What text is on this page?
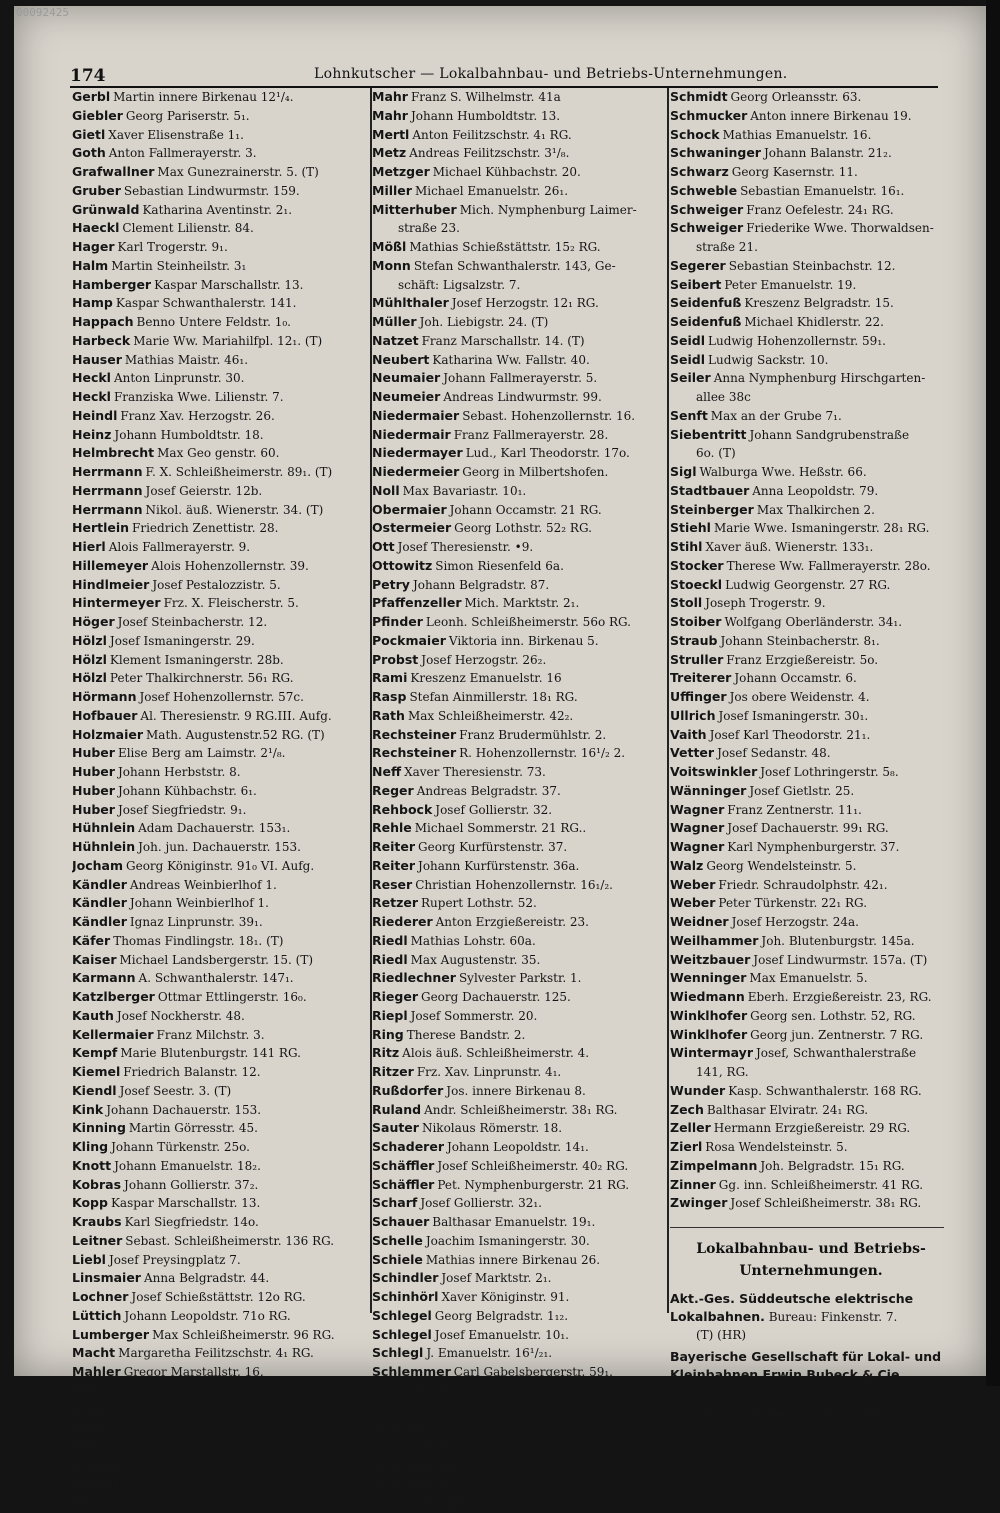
00092425
174	Lohnkutscher — Lokalbahnbau- und Betriebs-Unternehmungen.
Gerbl Martin innere Birkenau 12¹/₄.
Giebler Georg Pariserstr. 5₁.
Gietl Xaver Elisenstraße 1₁.
Goth Anton Fallmerayerstr. 3.
Grafwallner Max Gunezrainerstr. 5. (T)
Gruber Sebastian Lindwurmstr. 159.
Grünwald Katharina Aventinstr. 2₁.
Haeckl Clement Lilienstr. 84.
Hager Karl Trogerstr. 9₁.
Halm Martin Steinheilstr. 3₁
Hamberger Kaspar Marschallstr. 13.
Hamp Kaspar Schwanthalerstr. 141.
Happach Benno Untere Feldstr. 1₀.
Harbeck Marie Ww. Mariahilfpl. 12₁. (T)
Hauser Mathias Maistr. 46₁.
Heckl Anton Linprunstr. 30.
Heckl Franziska Wwe. Lilienstr. 7.
Heindl Franz Xav. Herzogstr. 26.
Heinz Johann Humboldtstr. 18.
Helmbrecht Max Geo genstr. 60.
Herrmann F. X. Schleißheimerstr. 89₁. (T)
Herrmann Josef Geierstr. 12b.
Herrmann Nikol. äuß. Wienerstr. 34. (T)
Hertlein Friedrich Zenettistr. 28.
Hierl Alois Fallmerayerstr. 9.
Hillemeyer Alois Hohenzollernstr. 39.
Hindlmeier Josef Pestalozzistr. 5.
Hintermeyer Frz. X. Fleischerstr. 5.
Höger Josef Steinbacherstr. 12.
Hölzl Josef Ismaningerstr. 29.
Hölzl Klement Ismaningerstr. 28b.
Hölzl Peter Thalkirchnerstr. 56₁ RG.
Hörmann Josef Hohenzollernstr. 57c.
Hofbauer Al. Theresienstr. 9 RG.III. Aufg.
Holzmaier Math. Augustenstr.52 RG. (T)
Huber Elise Berg am Laimstr. 2¹/₈.
Huber Johann Herbststr. 8.
Huber Johann Kühbachstr. 6₁.
Huber Josef Siegfriedstr. 9₁.
Hühnlein Adam Dachauerstr. 153₁.
Hühnlein Joh. jun. Dachauerstr. 153.
Jocham Georg Königinstr. 91₀ VI. Aufg.
Kändler Andreas Weinbierlhof 1.
Kändler Johann Weinbierlhof 1.
Kändler Ignaz Linprunstr. 39₁.
Käfer Thomas Findlingstr. 18₁. (T)
Kaiser Michael Landsbergerstr. 15. (T)
Karmann A. Schwanthalerstr. 147₁.
Katzlberger Ottmar Ettlingerstr. 16₀.
Kauth Josef Nockherstr. 48.
Kellermaier Franz Milchstr. 3.
Kempf Marie Blutenburgstr. 141 RG.
Kiemel Friedrich Balanstr. 12.
Kiendl Josef Seestr. 3. (T)
Kink Johann Dachauerstr. 153.
Kinning Martin Görresstr. 45.
Kling Johann Türkenstr. 25o.
Knott Johann Emanuelstr. 18₂.
Kobras Johann Gollierstr. 37₂.
Kopp Kaspar Marschallstr. 13.
Kraubs Karl Siegfriedstr. 14o.
Leitner Sebast. Schleißheimerstr. 136 RG.
Liebl Josef Preysingplatz 7.
Linsmaier Anna Belgradstr. 44.
Lochner Josef Schießstättstr. 12o RG.
Lüttich Johann Leopoldstr. 71o RG.
Lumberger Max Schleißheimerstr. 96 RG.
Macht Margaretha Feilitzschstr. 4₁ RG.
Mahler Gregor Marstallstr. 16.
Maier Georg Frauenstr. 3.
Maier Georg Schwindstr. 29.
Maier Josef Westendstr. 63o.
Maier Therese Wwe. Blutenburgstr. 105.
Maindl Karl a. d. Grube 11.
Martin Christof Schwabingerlandstr. 50₂
Mayer Christ. Balanstr. 2. (T)
Mahr Franz S. Wilhelmstr. 41a
Mahr Johann Humboldtstr. 13.
Mertl Anton Feilitzschstr. 4₁ RG.
Metz Andreas Feilitzschstr. 3¹/₈.
Metzger Michael Kühbachstr. 20.
Miller Michael Emanuelstr. 26₁.
Mitterhuber Mich. Nymphenburg Laimer-
straße 23.
Mößl Mathias Schießstättstr. 15₂ RG.
Monn Stefan Schwanthalerstr. 143, Ge-
schäft: Ligsalzstr. 7.
Mühlthaler Josef Herzogstr. 12₁ RG.
Müller Joh. Liebigstr. 24. (T)
Natzet Franz Marschallstr. 14. (T)
Neubert Katharina Ww. Fallstr. 40.
Neumaier Johann Fallmerayerstr. 5.
Neumeier Andreas Lindwurmstr. 99.
Niedermaier Sebast. Hohenzollernstr. 16.
Niedermair Franz Fallmerayerstr. 28.
Niedermayer Lud., Karl Theodorstr. 17o.
Niedermeier Georg in Milbertshofen.
Noll Max Bavariastr. 10₁.
Obermaier Johann Occamstr. 21 RG.
Ostermeier Georg Lothstr. 52₂ RG.
Ott Josef Theresienstr. •9.
Ottowitz Simon Riesenfeld 6a.
Petry Johann Belgradstr. 87.
Pfaffenzeller Mich. Marktstr. 2₁.
Pfinder Leonh. Schleißheimerstr. 56o RG.
Pockmaier Viktoria inn. Birkenau 5.
Probst Josef Herzogstr. 26₂.
Rami Kreszenz Emanuelstr. 16
Rasp Stefan Ainmillerstr. 18₁ RG.
Rath Max Schleißheimerstr. 42₂.
Rechsteiner Franz Brudermühlstr. 2.
Rechsteiner R. Hohenzollernstr. 16¹/₂ 2.
Neff Xaver Theresienstr. 73.
Reger Andreas Belgradstr. 37.
Rehbock Josef Gollierstr. 32.
Rehle Michael Sommerstr. 21 RG..
Reiter Georg Kurfürstenstr. 37.
Reiter Johann Kurfürstenstr. 36a.
Reser Christian Hohenzollernstr. 16₁/₂.
Retzer Rupert Lothstr. 52.
Riederer Anton Erzgießereistr. 23.
Riedl Mathias Lohstr. 60a.
Riedl Max Augustenstr. 35.
Riedlechner Sylvester Parkstr. 1.
Rieger Georg Dachauerstr. 125.
Riepl Josef Sommerstr. 20.
Ring Therese Bandstr. 2.
Ritz Alois äuß. Schleißheimerstr. 4.
Ritzer Frz. Xav. Linprunstr. 4₁.
Rußdorfer Jos. innere Birkenau 8.
Ruland Andr. Schleißheimerstr. 38₁ RG.
Sauter Nikolaus Römerstr. 18.
Schaderer Johann Leopoldstr. 14₁.
Schäffler Josef Schleißheimerstr. 40₂ RG.
Schäffler Pet. Nymphenburgerstr. 21 RG.
Scharf Josef Gollierstr. 32₁.
Schauer Balthasar Emanuelstr. 19₁.
Schelle Joachim Ismaningerstr. 30.
Schiele Mathias innere Birkenau 26.
Schindler Josef Marktstr. 2₁.
Schinhörl Xaver Königinstr. 91.
Schlegel Georg Belgradstr. 1₁₂.
Schlegel Josef Emanuelstr. 10₁.
Schlegl J. Emanuelstr. 16¹/₂₁.
Schlemmer Carl Gabelsbergerstr. 59₁.
Schmalhofer Ursula Ww Hohenzollern-
straße 16¹/₂.
Schmid Ignaz Bavariastr. 3. (T)
Schmidbauer Johann Schießstättstr. 9.
Schmidbauer Josef Schießstättstr. 9.
Schmidbauer Karl Theresienstr. 93
Schmidberger Martin Clemensstr. 25.
Schmidt Georg Orleansstr. 63.
Schmucker Anton innere Birkenau 19.
Schock Mathias Emanuelstr. 16.
Schwaninger Johann Balanstr. 21₂.
Schwarz Georg Kasernstr. 11.
Schweble Sebastian Emanuelstr. 16₁.
Schweiger Franz Oefelestr. 24₁ RG.
Schweiger Friederike Wwe. Thorwaldsen-
straße 21.
Segerer Sebastian Steinbachstr. 12.
Seibert Peter Emanuelstr. 19.
Seidenfuß Kreszenz Belgradstr. 15.
Seidenfuß Michael Khidlerstr. 22.
Seidl Ludwig Hohenzollernstr. 59₁.
Seidl Ludwig Sackstr. 10.
Seiler Anna Nymphenburg Hirschgarten-
allee 38c
Senft Max an der Grube 7₁.
Siebentritt Johann Sandgrubenstraße
6o. (T)
Sigl Walburga Wwe. Heßstr. 66.
Stadtbauer Anna Leopoldstr. 79.
Steinberger Max Thalkirchen 2.
Stiehl Marie Wwe. Ismaningerstr. 28₁ RG.
Stihl Xaver äuß. Wienerstr. 133₁.
Stocker Therese Ww. Fallmerayerstr. 28o.
Stoeckl Ludwig Georgenstr. 27 RG.
Stoll Joseph Trogerstr. 9.
Stoiber Wolfgang Oberländerstr. 34₁.
Straub Johann Steinbacherstr. 8₁.
Struller Franz Erzgießereistr. 5o.
Treiterer Johann Occamstr. 6.
Uffinger Jos obere Weidenstr. 4.
Ullrich Josef Ismaningerstr. 30₁.
Vaith Josef Karl Theodorstr. 21₁.
Vetter Josef Sedanstr. 48.
Voitswinkler Josef Lothringerstr. 5₈.
Wänninger Josef Gietlstr. 25.
Wagner Franz Zentnerstr. 11₁.
Wagner Josef Dachauerstr. 99₁ RG.
Wagner Karl Nymphenburgerstr. 37.
Walz Georg Wendelsteinstr. 5.
Weber Friedr. Schraudolphstr. 42₁.
Weber Peter Türkenstr. 22₁ RG.
Weidner Josef Herzogstr. 24a.
Weilhammer Joh. Blutenburgstr. 145a.
Weitzbauer Josef Lindwurmstr. 157a. (T)
Wenninger Max Emanuelstr. 5.
Wiedmann Eberh. Erzgießereistr. 23, RG.
Winklhofer Georg sen. Lothstr. 52, RG.
Winklhofer Georg jun. Zentnerstr. 7 RG.
Wintermayr Josef, Schwanthalerstraße
141, RG.
Wunder Kasp. Schwanthalerstr. 168 RG.
Zech Balthasar Elviratr. 24₁ RG.
Zeller Hermann Erzgießereistr. 29 RG.
Zierl Rosa Wendelsteinstr. 5.
Zimpelmann Joh. Belgradstr. 15₁ RG.
Zinner Gg. inn. Schleißheimerstr. 41 RG.
Zwinger Josef Schleißheimerstr. 38₁ RG.
Lokalbahnbau- und Betriebs-
Unternehmungen.
Akt.-Ges. Süddeutsche elektrische Lokalbahnen. Bureau: Finkenstr. 7.
(T) (HR)
Bayerische Gesellschaft für Lokal- und Kleinbahnen Erwin Bubeck & Cie. Bavariaring 43. (T) (HR)
Lokalbahn-Aktiengesellschaft. (T)(HR)
Bureau: Dachauerstr. 9₂ I. Aufgang.
